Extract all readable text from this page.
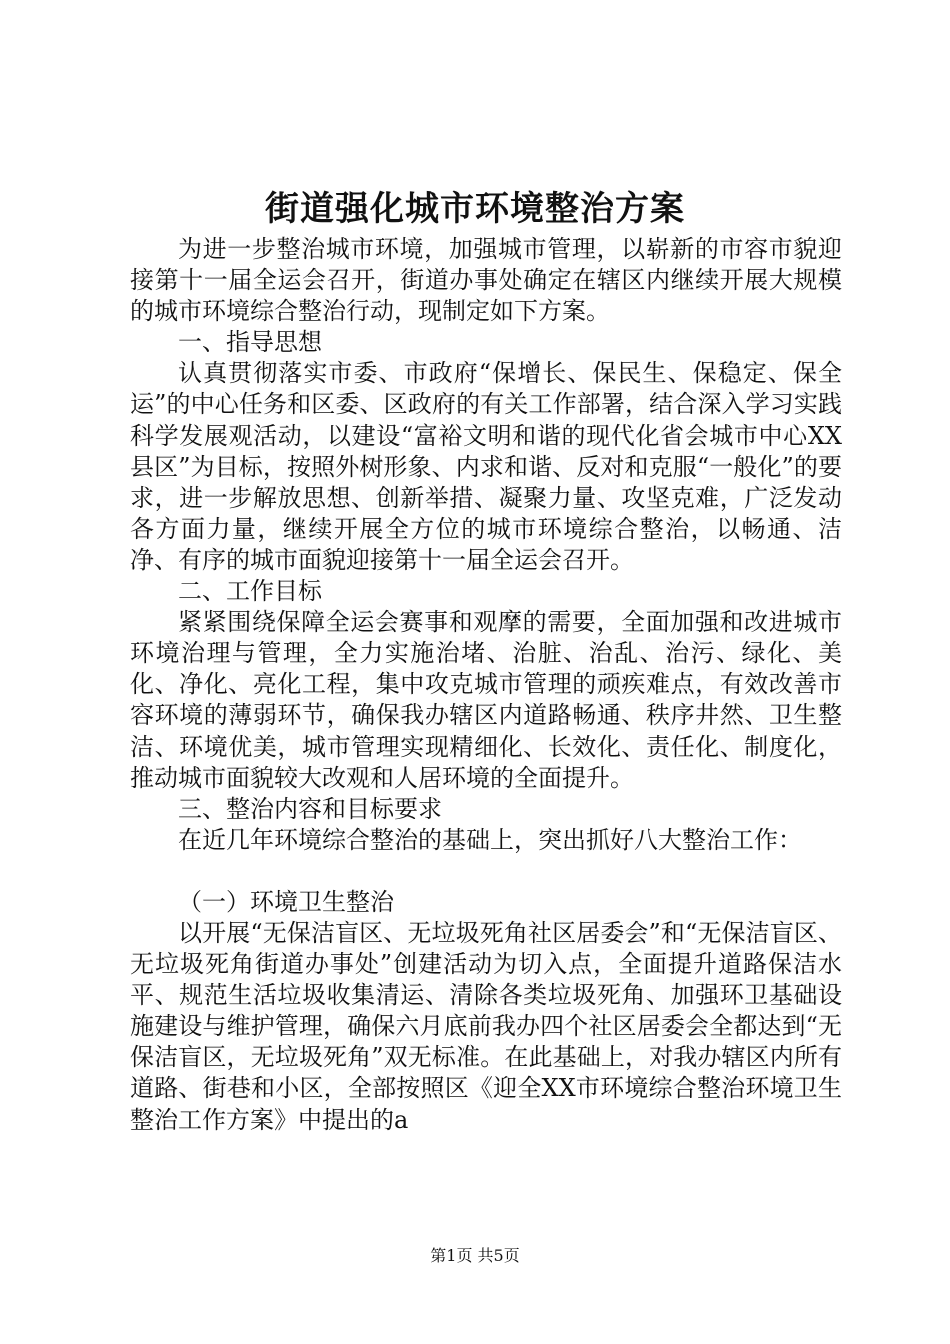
街道强化城市环境整治方案

为进一步整治城市环境，加强城市管理，以崭新的市容市貌迎接第十一届全运会召开，街道办事处确定在辖区内继续开展大规模的城市环境综合整治行动，现制定如下方案。

一、指导思想

认真贯彻落实市委、市政府“保增长、保民生、保稳定、保全运”的中心任务和区委、区政府的有关工作部署，结合深入学习实践科学发展观活动，以建设“富裕文明和谐的现代化省会城市中心XX县区”为目标，按照外树形象、内求和谐、反对和克服“一般化”的要求，进一步解放思想、创新举措、凝聚力量、攻坚克难，广泛发动各方面力量，继续开展全方位的城市环境综合整治，以畅通、洁净、有序的城市面貌迎接第十一届全运会召开。

二、工作目标

紧紧围绕保障全运会赛事和观摩的需要，全面加强和改进城市环境治理与管理，全力实施治堵、治脏、治乱、治污、绿化、美化、净化、亮化工程，集中攻克城市管理的顽疾难点，有效改善市容环境的薄弱环节，确保我办辖区内道路畅通、秩序井然、卫生整洁、环境优美，城市管理实现精细化、长效化、责任化、制度化，推动城市面貌较大改观和人居环境的全面提升。

三、整治内容和目标要求

在近几年环境综合整治的基础上，突出抓好八大整治工作：

（一）环境卫生整治

以开展“无保洁盲区、无垃圾死角社区居委会”和“无保洁盲区、无垃圾死角街道办事处”创建活动为切入点，全面提升道路保洁水平、规范生活垃圾收集清运、清除各类垃圾死角、加强环卫基础设施建设与维护管理，确保六月底前我办四个社区居委会全都达到“无保洁盲区，无垃圾死角”双无标准。在此基础上，对我办辖区内所有道路、街巷和小区，全部按照区《迎全XX市环境综合整治环境卫生整治工作方案》中提出的a

第1页 共5页
